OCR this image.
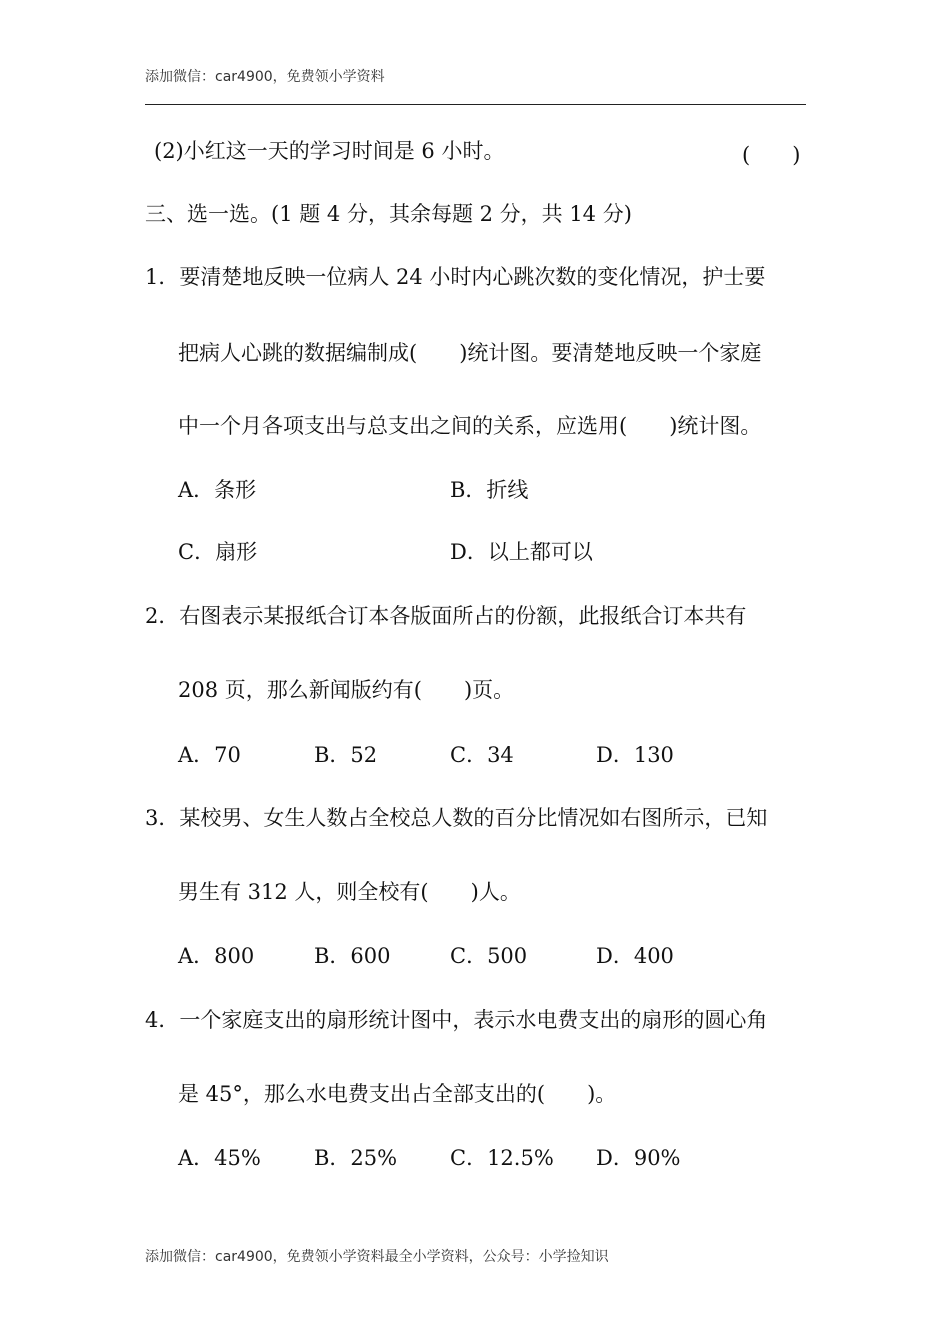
添加微信：car4900，免费领小学资料
(2)小红这一天的学习时间是 6 小时。	(　　)
三、选一选。(1 题 4 分，其余每题 2 分，共 14 分)
1．要清楚地反映一位病人 24 小时内心跳次数的变化情况，护士要
把病人心跳的数据编制成(　　)统计图。要清楚地反映一个家庭
中一个月各项支出与总支出之间的关系，应选用(　　)统计图。
A．条形	B．折线
C．扇形	D．以上都可以
2．右图表示某报纸合订本各版面所占的份额，此报纸合订本共有
208 页，那么新闻版约有(　　)页。
A．70	B．52	C．34	D．130
3．某校男、女生人数占全校总人数的百分比情况如右图所示，已知
男生有 312 人，则全校有(　　)人。
A．800	B．600	C．500	D．400
4．一个家庭支出的扇形统计图中，表示水电费支出的扇形的圆心角
是 45°，那么水电费支出占全部支出的(　　)。
A．45%	B．25%	C．12.5% D．90%
添加微信：car4900，免费领小学资料最全小学资料，公众号：小学捡知识
